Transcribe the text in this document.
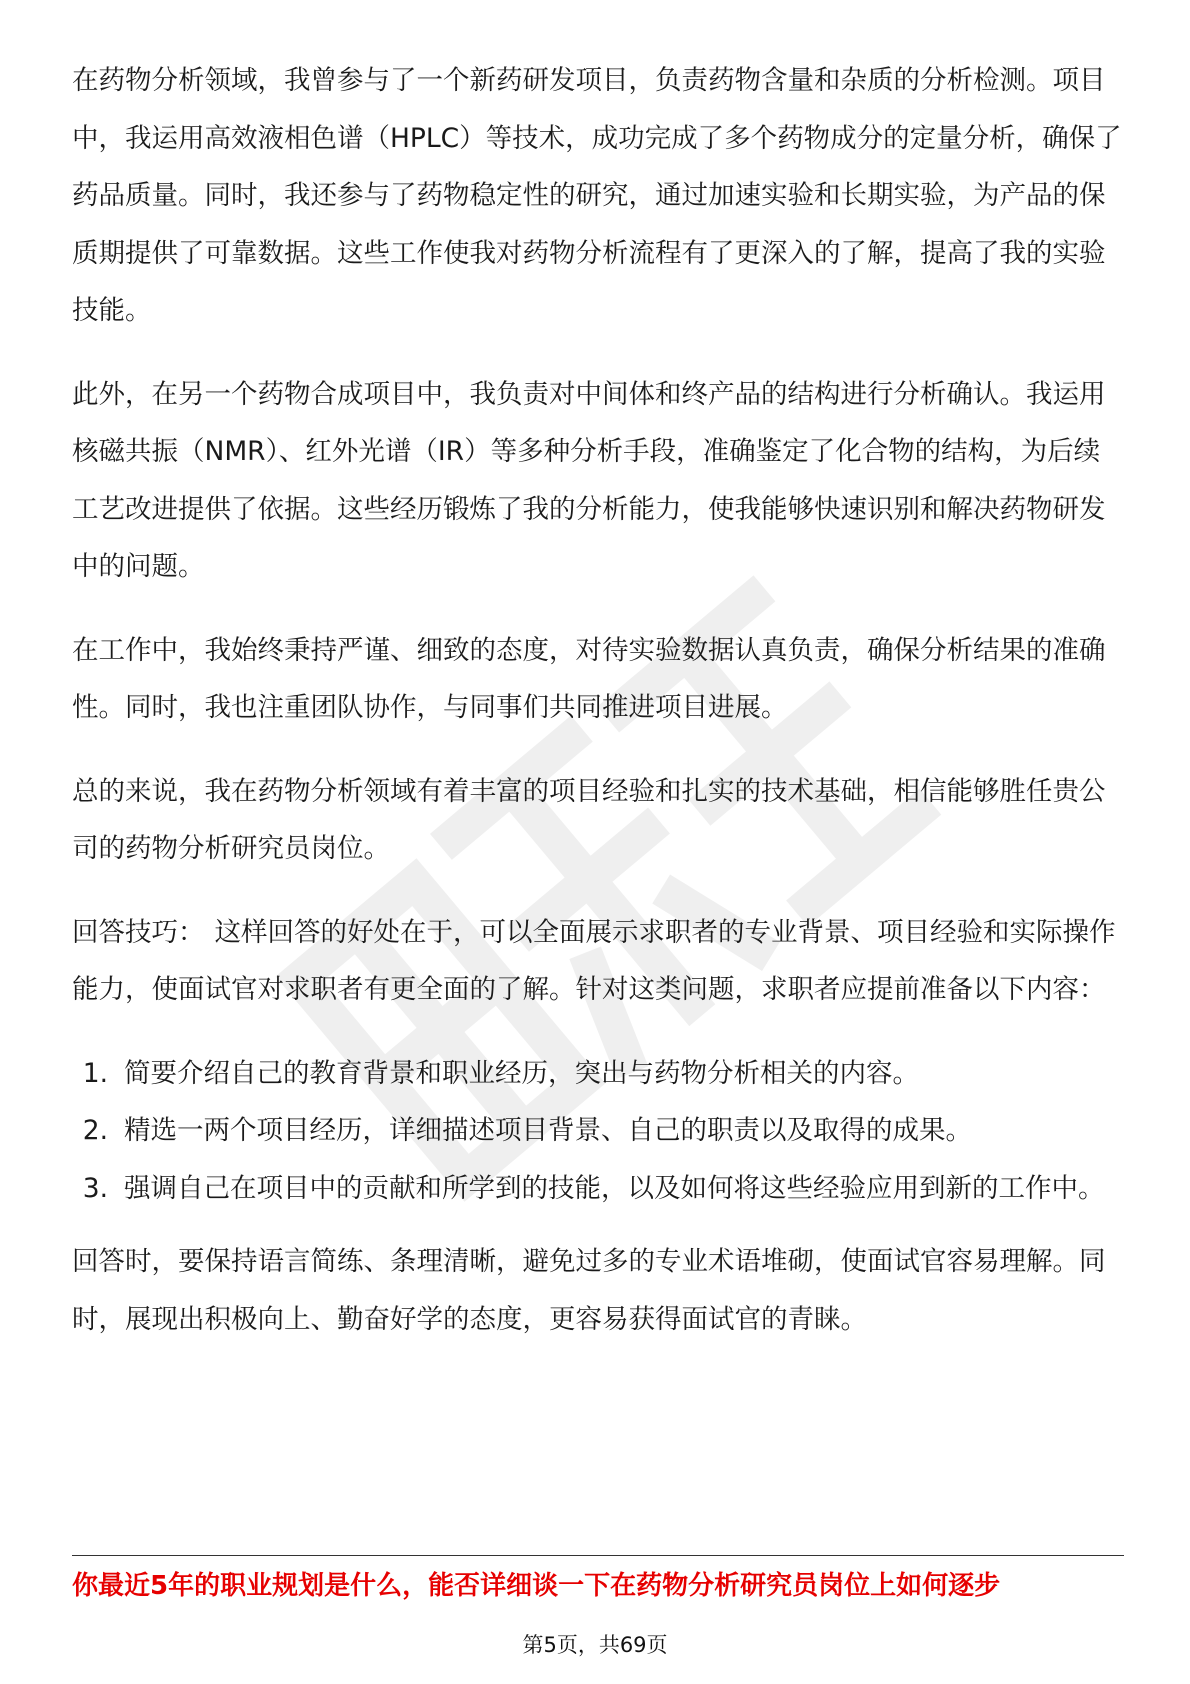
在药物分析领域，我曾参与了一个新药研发项目，负责药物含量和杂质的分析检测。项目中，我运用高效液相色谱（HPLC）等技术，成功完成了多个药物成分的定量分析，确保了药品质量。同时，我还参与了药物稳定性的研究，通过加速实验和长期实验，为产品的保质期提供了可靠数据。这些工作使我对药物分析流程有了更深入的了解，提高了我的实验技能。

此外，在另一个药物合成项目中，我负责对中间体和终产品的结构进行分析确认。我运用核磁共振（NMR）、红外光谱（IR）等多种分析手段，准确鉴定了化合物的结构，为后续工艺改进提供了依据。这些经历锻炼了我的分析能力，使我能够快速识别和解决药物研发中的问题。

在工作中，我始终秉持严谨、细致的态度，对待实验数据认真负责，确保分析结果的准确性。同时，我也注重团队协作，与同事们共同推进项目进展。

总的来说，我在药物分析领域有着丰富的项目经验和扎实的技术基础，相信能够胜任贵公司的药物分析研究员岗位。

回答技巧： 这样回答的好处在于，可以全面展示求职者的专业背景、项目经验和实际操作能力，使面试官对求职者有更全面的了解。针对这类问题，求职者应提前准备以下内容：

1. 简要介绍自己的教育背景和职业经历，突出与药物分析相关的内容。
2. 精选一两个项目经历，详细描述项目背景、自己的职责以及取得的成果。
3. 强调自己在项目中的贡献和所学到的技能，以及如何将这些经验应用到新的工作中。

回答时，要保持语言简练、条理清晰，避免过多的专业术语堆砌，使面试官容易理解。同时，展现出积极向上、勤奋好学的态度，更容易获得面试官的青睐。

你最近5年的职业规划是什么，能否详细谈一下在药物分析研究员岗位上如何逐步
第5页，共69页
